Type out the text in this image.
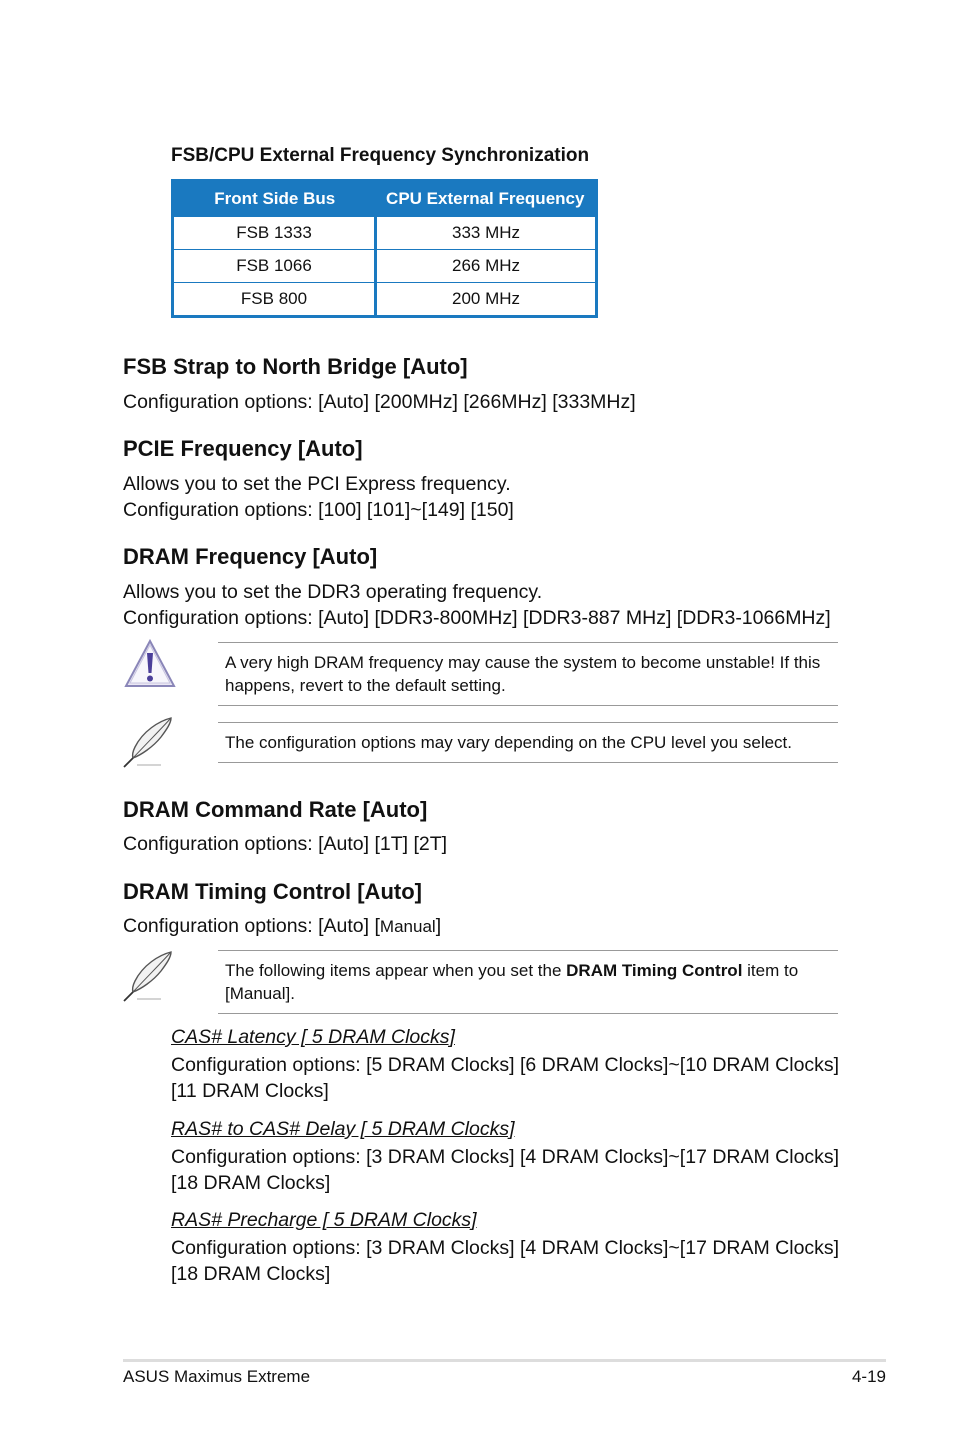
FSB/CPU External Frequency Synchronization
Front Side Bus	CPU External Frequency
FSB 1333	333 MHz
FSB 1066	266 MHz
FSB 800	200 MHz
FSB Strap to North Bridge [Auto]
Configuration options: [Auto] [200MHz] [266MHz] [333MHz]
PCIE Frequency [Auto]
Allows you to set the PCI Express frequency.
Configuration options: [100] [101]~[149] [150]
DRAM Frequency [Auto]
Allows you to set the DDR3 operating frequency.
Configuration options: [Auto] [DDR3-800MHz] [DDR3-887 MHz] [DDR3-1066MHz]
A very high DRAM frequency may cause the system to become unstable! If this happens, revert to the default setting.
The configuration options may vary depending on the CPU level you select.
DRAM Command Rate [Auto]
Configuration options: [Auto] [1T] [2T]
DRAM Timing Control [Auto]
Configuration options: [Auto] [Manual]
The following items appear when you set the DRAM Timing Control item to [Manual].
CAS# Latency [ 5 DRAM Clocks]
Configuration options: [5 DRAM Clocks] [6 DRAM Clocks]~[10 DRAM Clocks] [11 DRAM Clocks]
RAS# to CAS# Delay [ 5 DRAM Clocks]
Configuration options: [3 DRAM Clocks] [4 DRAM Clocks]~[17 DRAM Clocks] [18 DRAM Clocks]
RAS# Precharge [ 5 DRAM Clocks]
Configuration options: [3 DRAM Clocks] [4 DRAM Clocks]~[17 DRAM Clocks] [18 DRAM Clocks]
ASUS Maximus Extreme	4-19
